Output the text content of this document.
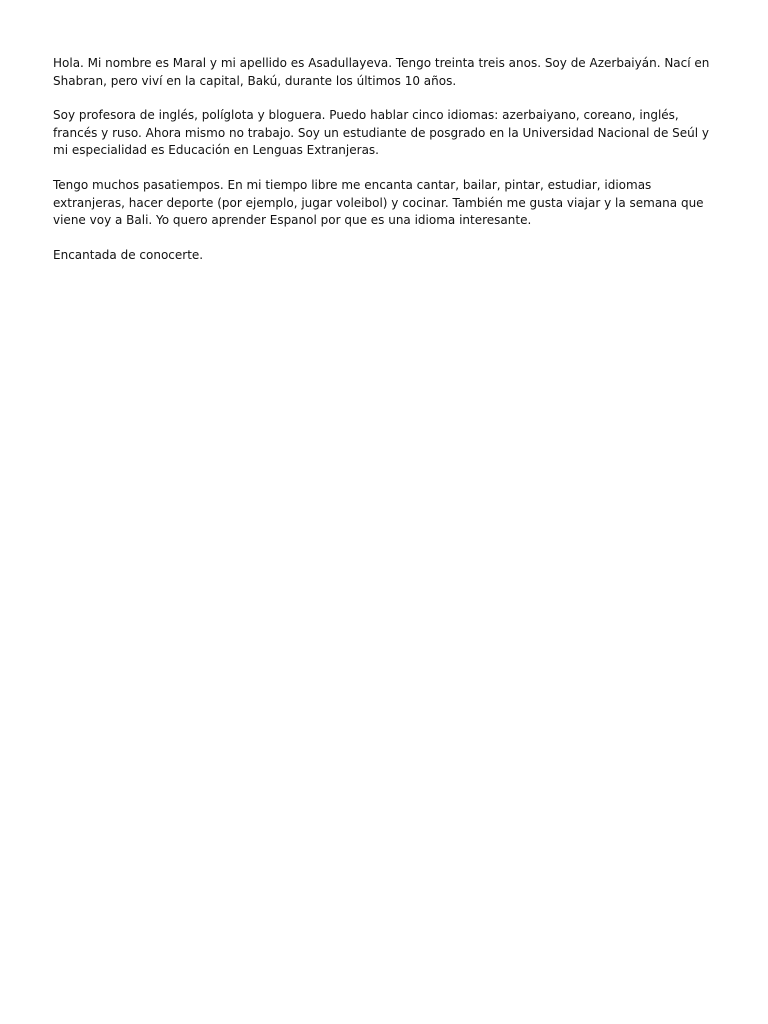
Hola. Mi nombre es Maral y mi apellido es Asadullayeva. Tengo treinta treis anos. Soy de Azerbaiyán. Nací en Shabran, pero viví en la capital, Bakú, durante los últimos 10 años.

Soy profesora de inglés, políglota y bloguera. Puedo hablar cinco idiomas: azerbaiyano, coreano, inglés, francés y ruso. Ahora mismo no trabajo. Soy un estudiante de posgrado en la Universidad Nacional de Seúl y mi especialidad es Educación en Lenguas Extranjeras.

Tengo muchos pasatiempos. En mi tiempo libre me encanta cantar, bailar, pintar, estudiar, idiomas extranjeras, hacer deporte (por ejemplo, jugar voleibol) y cocinar. También me gusta viajar y la semana que viene voy a Bali. Yo quero aprender Espanol por que es una idioma interesante.

Encantada de conocerte.
